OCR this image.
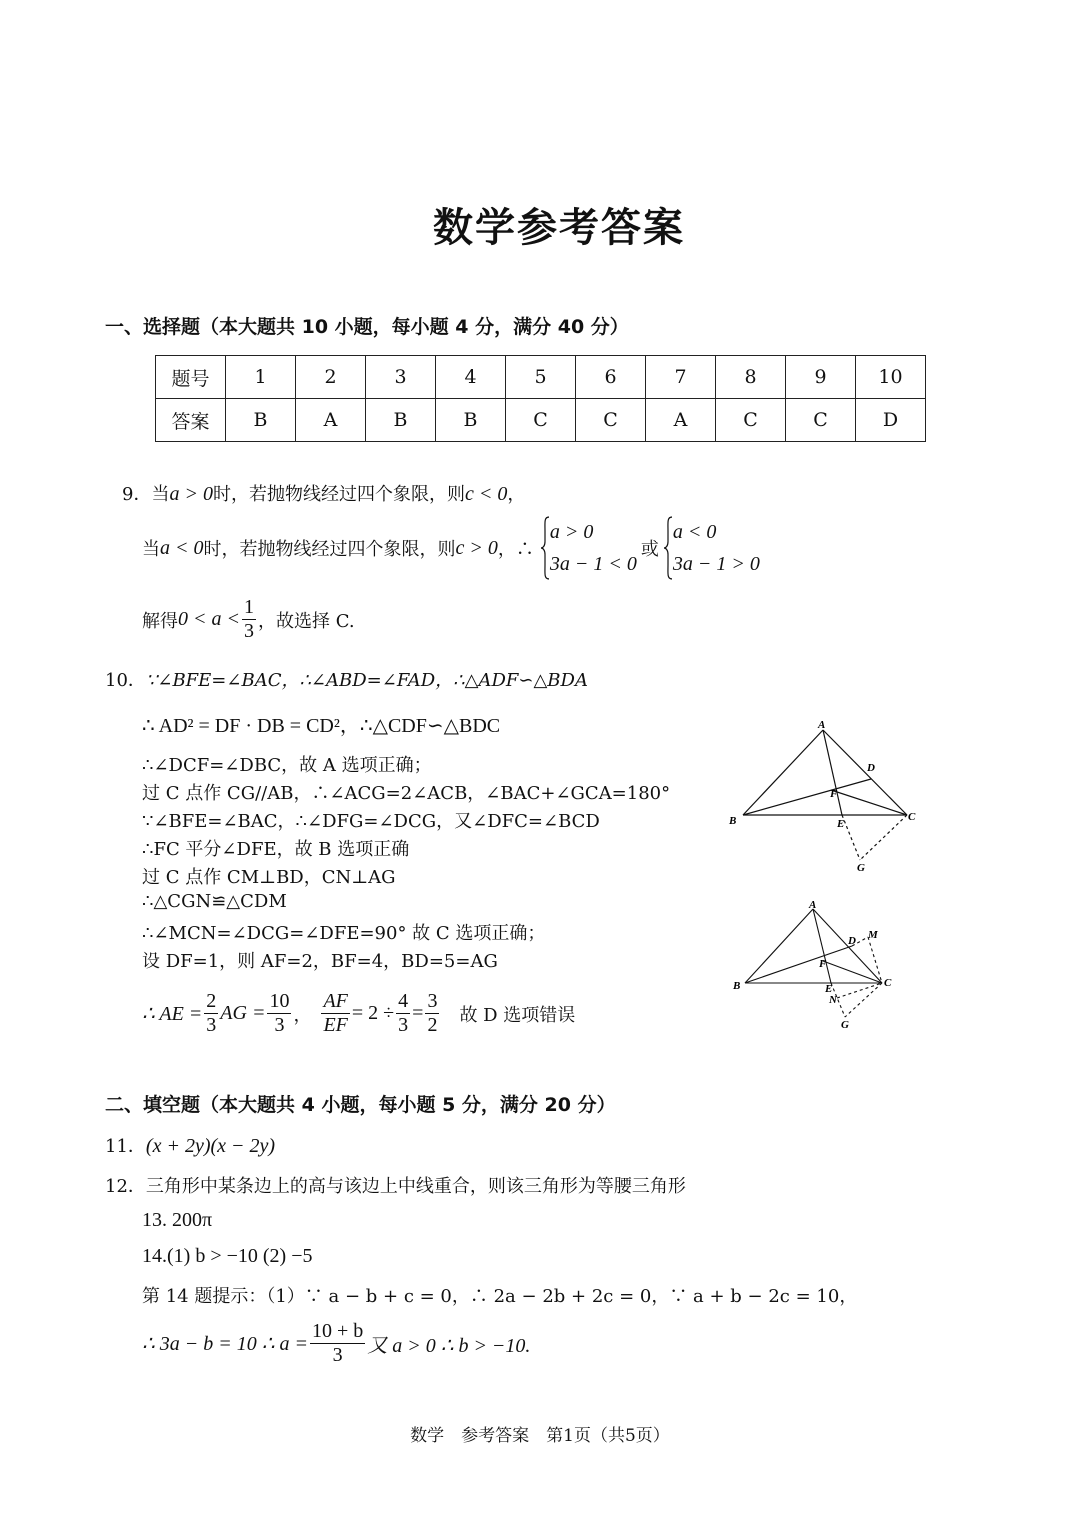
数学参考答案
一、选择题（本大题共 10 小题，每小题 4 分，满分 40 分）
题号	1	2	3	4	5	6	7	8	9	10
答案	B	A	B	B	C	C	A	C	C	D
9．当a > 0时，若抛物线经过四个象限，则c < 0，
当 a < 0 时，若抛物线经过四个象限，则 c > 0 ，∴
a > 0
3a − 1 < 0
或
a < 0
3a − 1 > 0
解得 $0 < a < \frac{1}{3}$ ，故选择 C.
10．∵∠BFE=∠BAC，∴∠ABD=∠FAD，∴△ADF∽△BDA
∴ AD² = DF · DB = CD²，∴△CDF∽△BDC
∴∠DCF=∠DBC，故 A 选项正确；
过 C 点作 CG//AB，∴∠ACG=2∠ACB，∠BAC+∠GCA=180°
∵∠BFE=∠BAC，∴∠DFG=∠DCG，又∠DFC=∠BCD
∴FC 平分∠DFE，故 B 选项正确
过 C 点作 CM⊥BD，CN⊥AG
∴△CGN≌△CDM
∴∠MCN=∠DCG=∠DFE=90° 故 C 选项正确；
设 DF=1，则 AF=2，BF=4，BD=5=AG
∴ AE = $\frac{2}{3}$ AG = $\frac{10}{3}$ ， $\frac{AF}{EF} = 2 \div \frac{4}{3} = \frac{3}{2}$ 故 D 选项错误
A
D
F
B	E
C
G
A
M
D
F
B	E
N
C
G
二、填空题（本大题共 4 小题，每小题 5 分，满分 20 分）
11．(x + 2y)(x − 2y)
12．三角形中某条边上的高与该边上中线重合，则该三角形为等腰三角形
13. 200π
14.(1) b > −10 (2) −5
第 14 题提示：（1）∵ a − b + c = 0，∴ 2a − 2b + 2c = 0，∵ a + b − 2c = 10，
∴ 3a − b = 10 ∴ $a = \frac{10 + b}{3}$ 又 a > 0 ∴ b > −10.
数学　参考答案　第1页（共5页）
